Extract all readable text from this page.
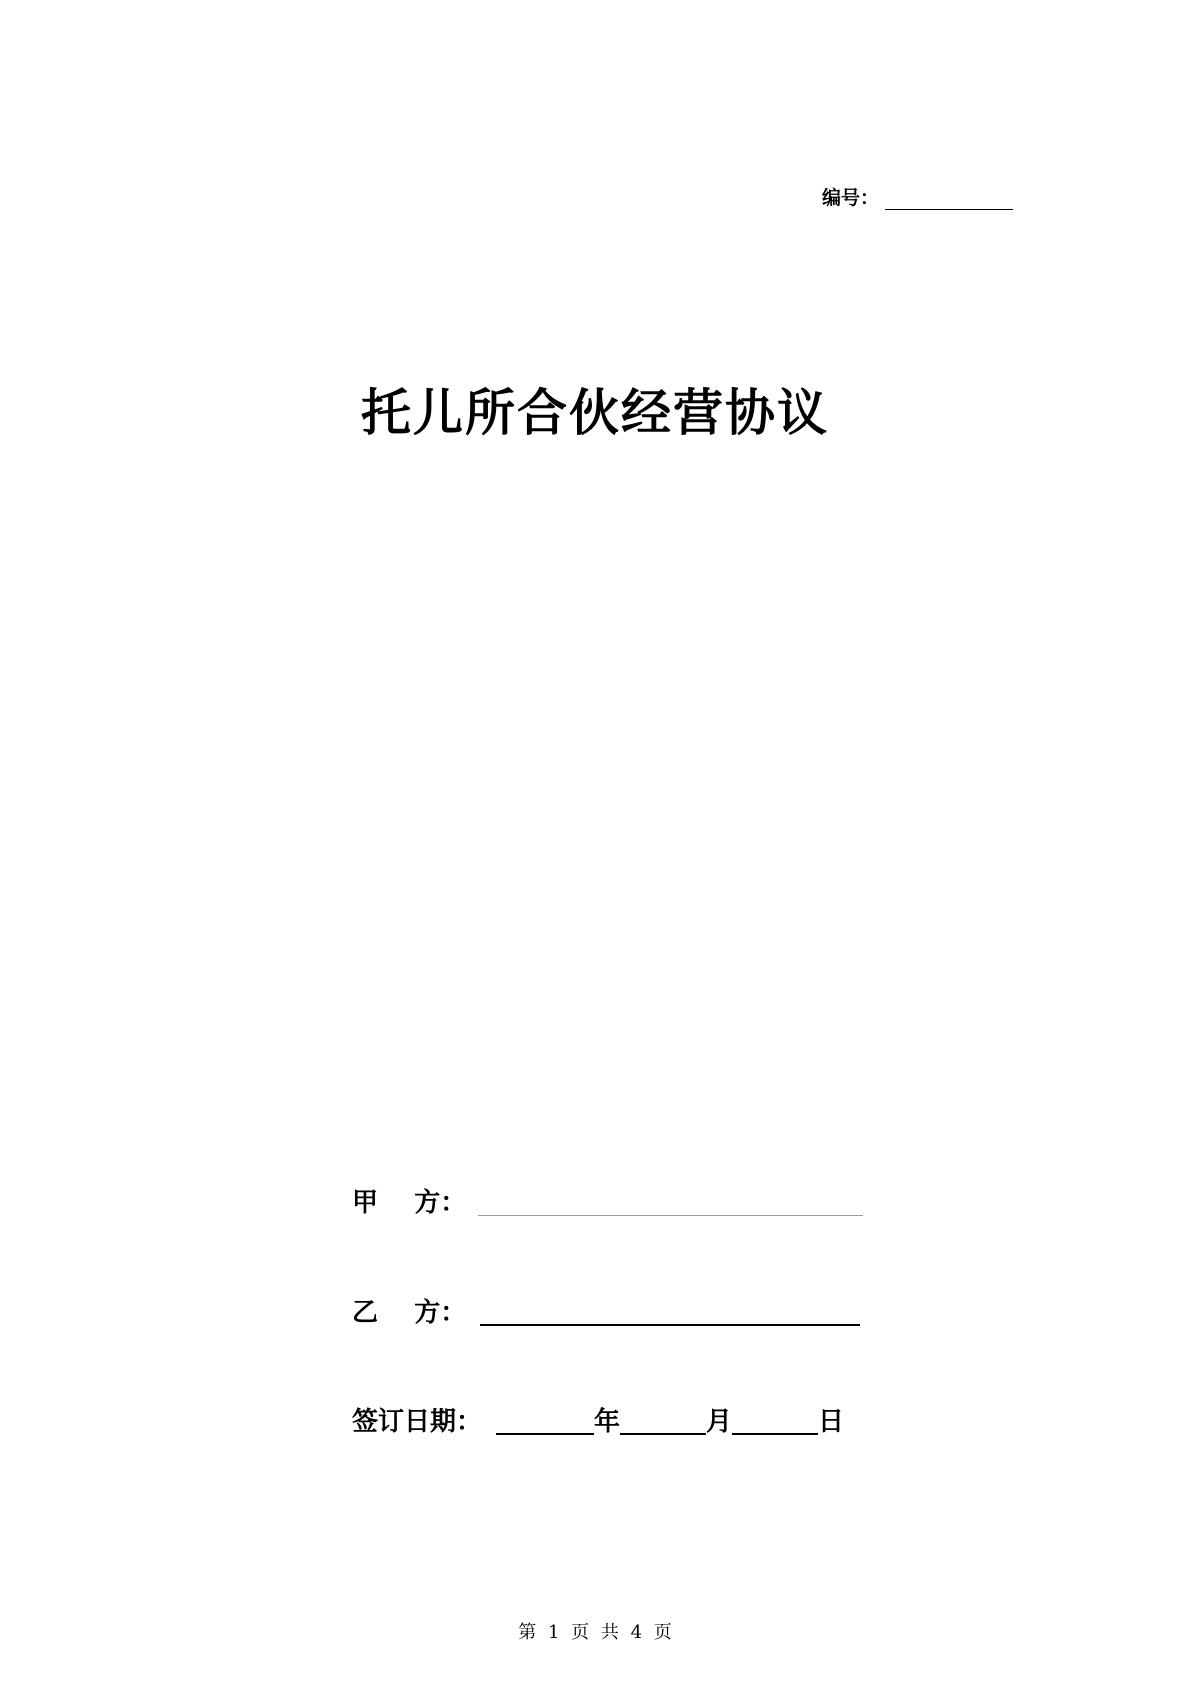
编号：
托儿所合伙经营协议
甲    方：
乙    方：
签订日期：	年	月	日
第 1 页 共 4 页
